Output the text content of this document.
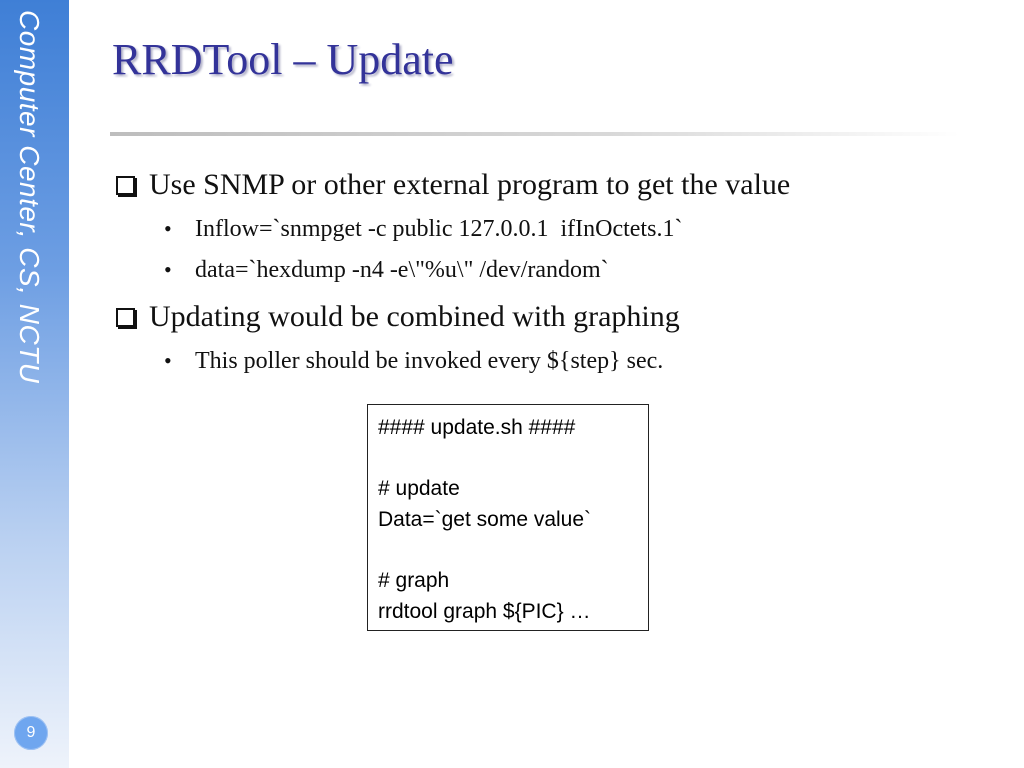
Computer Center, CS, NCTU
9
RRDTool – Update
Use SNMP or other external program to get the value
• Inflow=`snmpget -c public 127.0.0.1  ifInOctets.1`
• data=`hexdump -n4 -e\"%u\" /dev/random`
Updating would be combined with graphing
• This poller should be invoked every ${step} sec.
#### update.sh ####
# update
Data=`get some value`
# graph
rrdtool graph ${PIC} …
